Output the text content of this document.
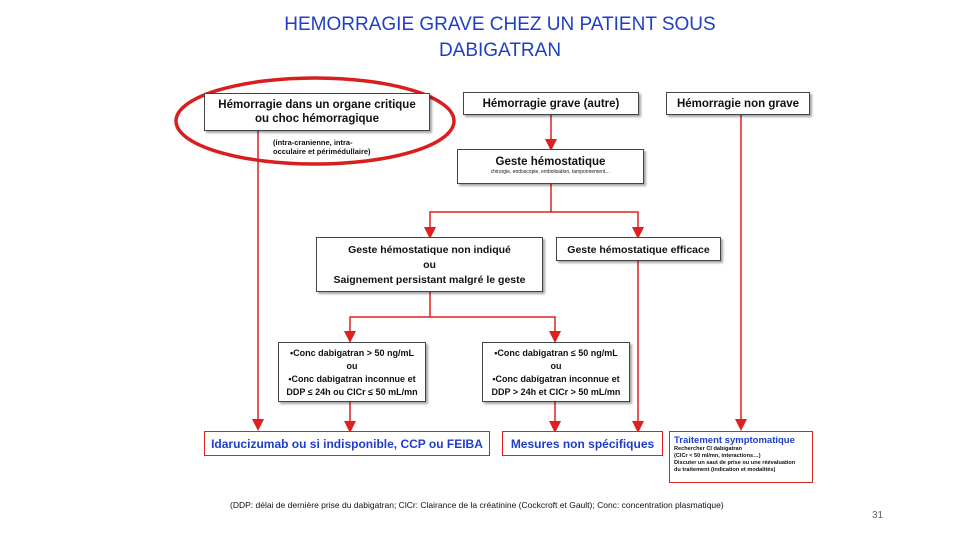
HEMORRAGIE GRAVE CHEZ UN PATIENT SOUS DABIGATRAN
Hémorragie dans un organe critique
ou choc hémorragique
(intra-cranienne, intra-
occulaire et périmédullaire)
Hémorragie grave (autre)	Hémorragie non grave
Geste hémostatique
chirurgie, endoscopie, embolisation, tamponnement…
Geste hémostatique non indiqué
ou
Saignement persistant malgré le geste
Geste hémostatique efficace
•Conc dabigatran > 50 ng/mL
ou
•Conc dabigatran inconnue et
DDP ≤ 24h ou ClCr ≤ 50 mL/mn
•Conc dabigatran ≤ 50 ng/mL
ou
•Conc dabigatran inconnue et
DDP > 24h et ClCr > 50 mL/mn
Idarucizumab ou si indisponible, CCP ou FEIBA	Mesures non spécifiques	Traitement symptomatique
Rechercher CI dabigatran
(ClCr < 50 ml/mn, interactions…)
Discuter un saut de prise ou une réévaluation
du traitement (indication et modalités)
(DDP: délai de dernière prise du dabigatran; ClCr: Clairance de la créatinine (Cockcroft et Gault); Conc: concentration plasmatique)
31
